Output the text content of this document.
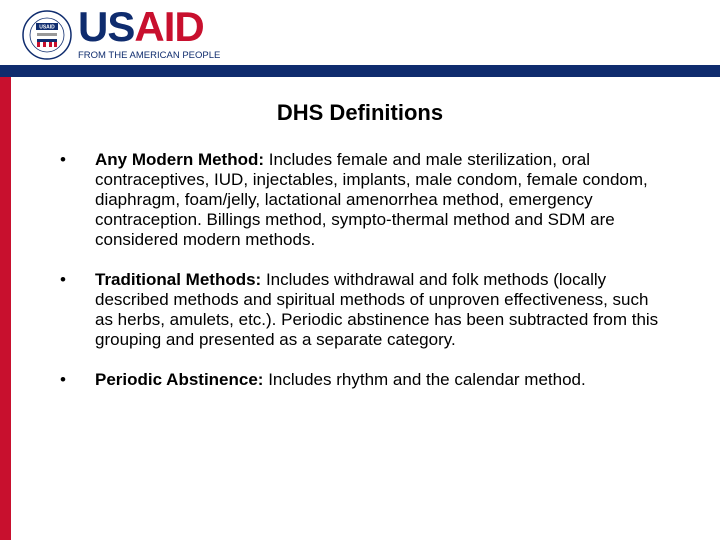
USAID USAID
FROM THE AMERICAN PEOPLE
DHS Definitions
• Any Modern Method: Includes female and male sterilization, oral contraceptives, IUD, injectables, implants, male condom, female condom, diaphragm, foam/jelly, lactational amenorrhea method, emergency contraception. Billings method, sympto-thermal method and SDM are considered modern methods.
• Traditional Methods: Includes withdrawal and folk methods (locally described methods and spiritual methods of unproven effectiveness, such as herbs, amulets, etc.). Periodic abstinence has been subtracted from this grouping and presented as a separate category.
• Periodic Abstinence: Includes rhythm and the calendar method.
